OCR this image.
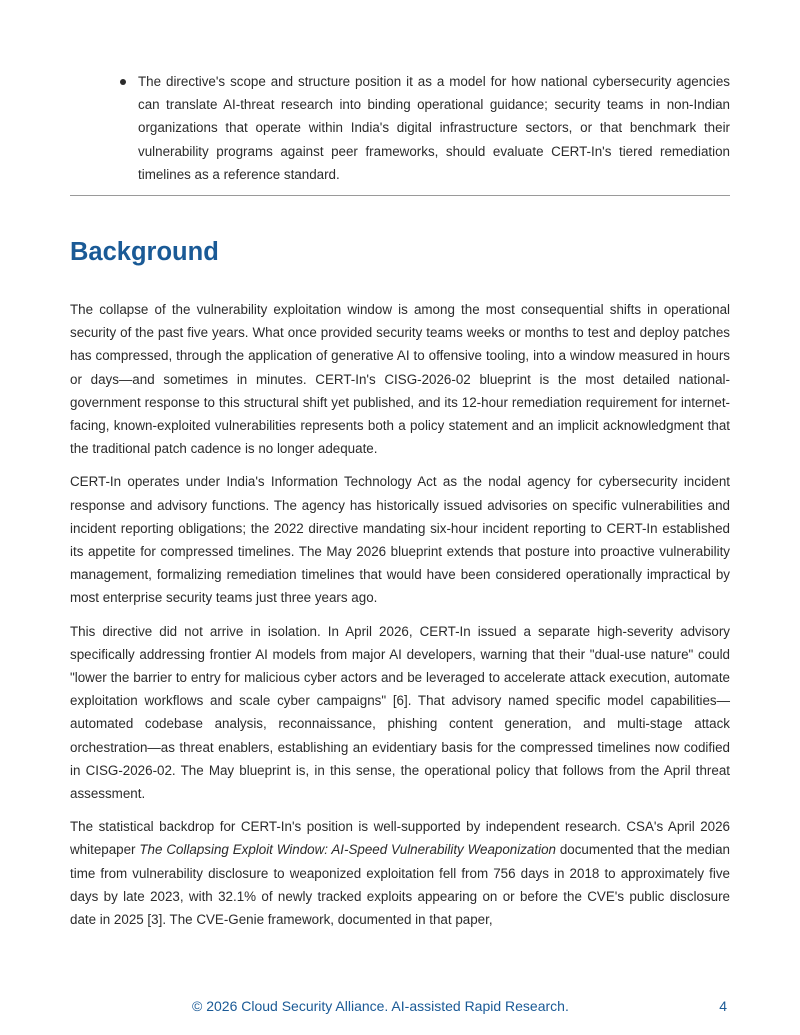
The directive's scope and structure position it as a model for how national cybersecurity agencies can translate AI-threat research into binding operational guidance; security teams in non-Indian organizations that operate within India's digital infrastructure sectors, or that benchmark their vulnerability programs against peer frameworks, should evaluate CERT-In's tiered remediation timelines as a reference standard.

Background

The collapse of the vulnerability exploitation window is among the most consequential shifts in operational security of the past five years. What once provided security teams weeks or months to test and deploy patches has compressed, through the application of generative AI to offensive tooling, into a window measured in hours or days—and sometimes in minutes. CERT-In's CISG-2026-02 blueprint is the most detailed national-government response to this structural shift yet published, and its 12-hour remediation requirement for internet-facing, known-exploited vulnerabilities represents both a policy statement and an implicit acknowledgment that the traditional patch cadence is no longer adequate.

CERT-In operates under India's Information Technology Act as the nodal agency for cybersecurity incident response and advisory functions. The agency has historically issued advisories on specific vulnerabilities and incident reporting obligations; the 2022 directive mandating six-hour incident reporting to CERT-In established its appetite for compressed timelines. The May 2026 blueprint extends that posture into proactive vulnerability management, formalizing remediation timelines that would have been considered operationally impractical by most enterprise security teams just three years ago.

This directive did not arrive in isolation. In April 2026, CERT-In issued a separate high-severity advisory specifically addressing frontier AI models from major AI developers, warning that their "dual-use nature" could "lower the barrier to entry for malicious cyber actors and be leveraged to accelerate attack execution, automate exploitation workflows and scale cyber campaigns" [6]. That advisory named specific model capabilities—automated codebase analysis, reconnaissance, phishing content generation, and multi-stage attack orchestration—as threat enablers, establishing an evidentiary basis for the compressed timelines now codified in CISG-2026-02. The May blueprint is, in this sense, the operational policy that follows from the April threat assessment.

The statistical backdrop for CERT-In's position is well-supported by independent research. CSA's April 2026 whitepaper The Collapsing Exploit Window: AI-Speed Vulnerability Weaponization documented that the median time from vulnerability disclosure to weaponized exploitation fell from 756 days in 2018 to approximately five days by late 2023, with 32.1% of newly tracked exploits appearing on or before the CVE's public disclosure date in 2025 [3]. The CVE-Genie framework, documented in that paper,

© 2026 Cloud Security Alliance. AI-assisted Rapid Research.	4
